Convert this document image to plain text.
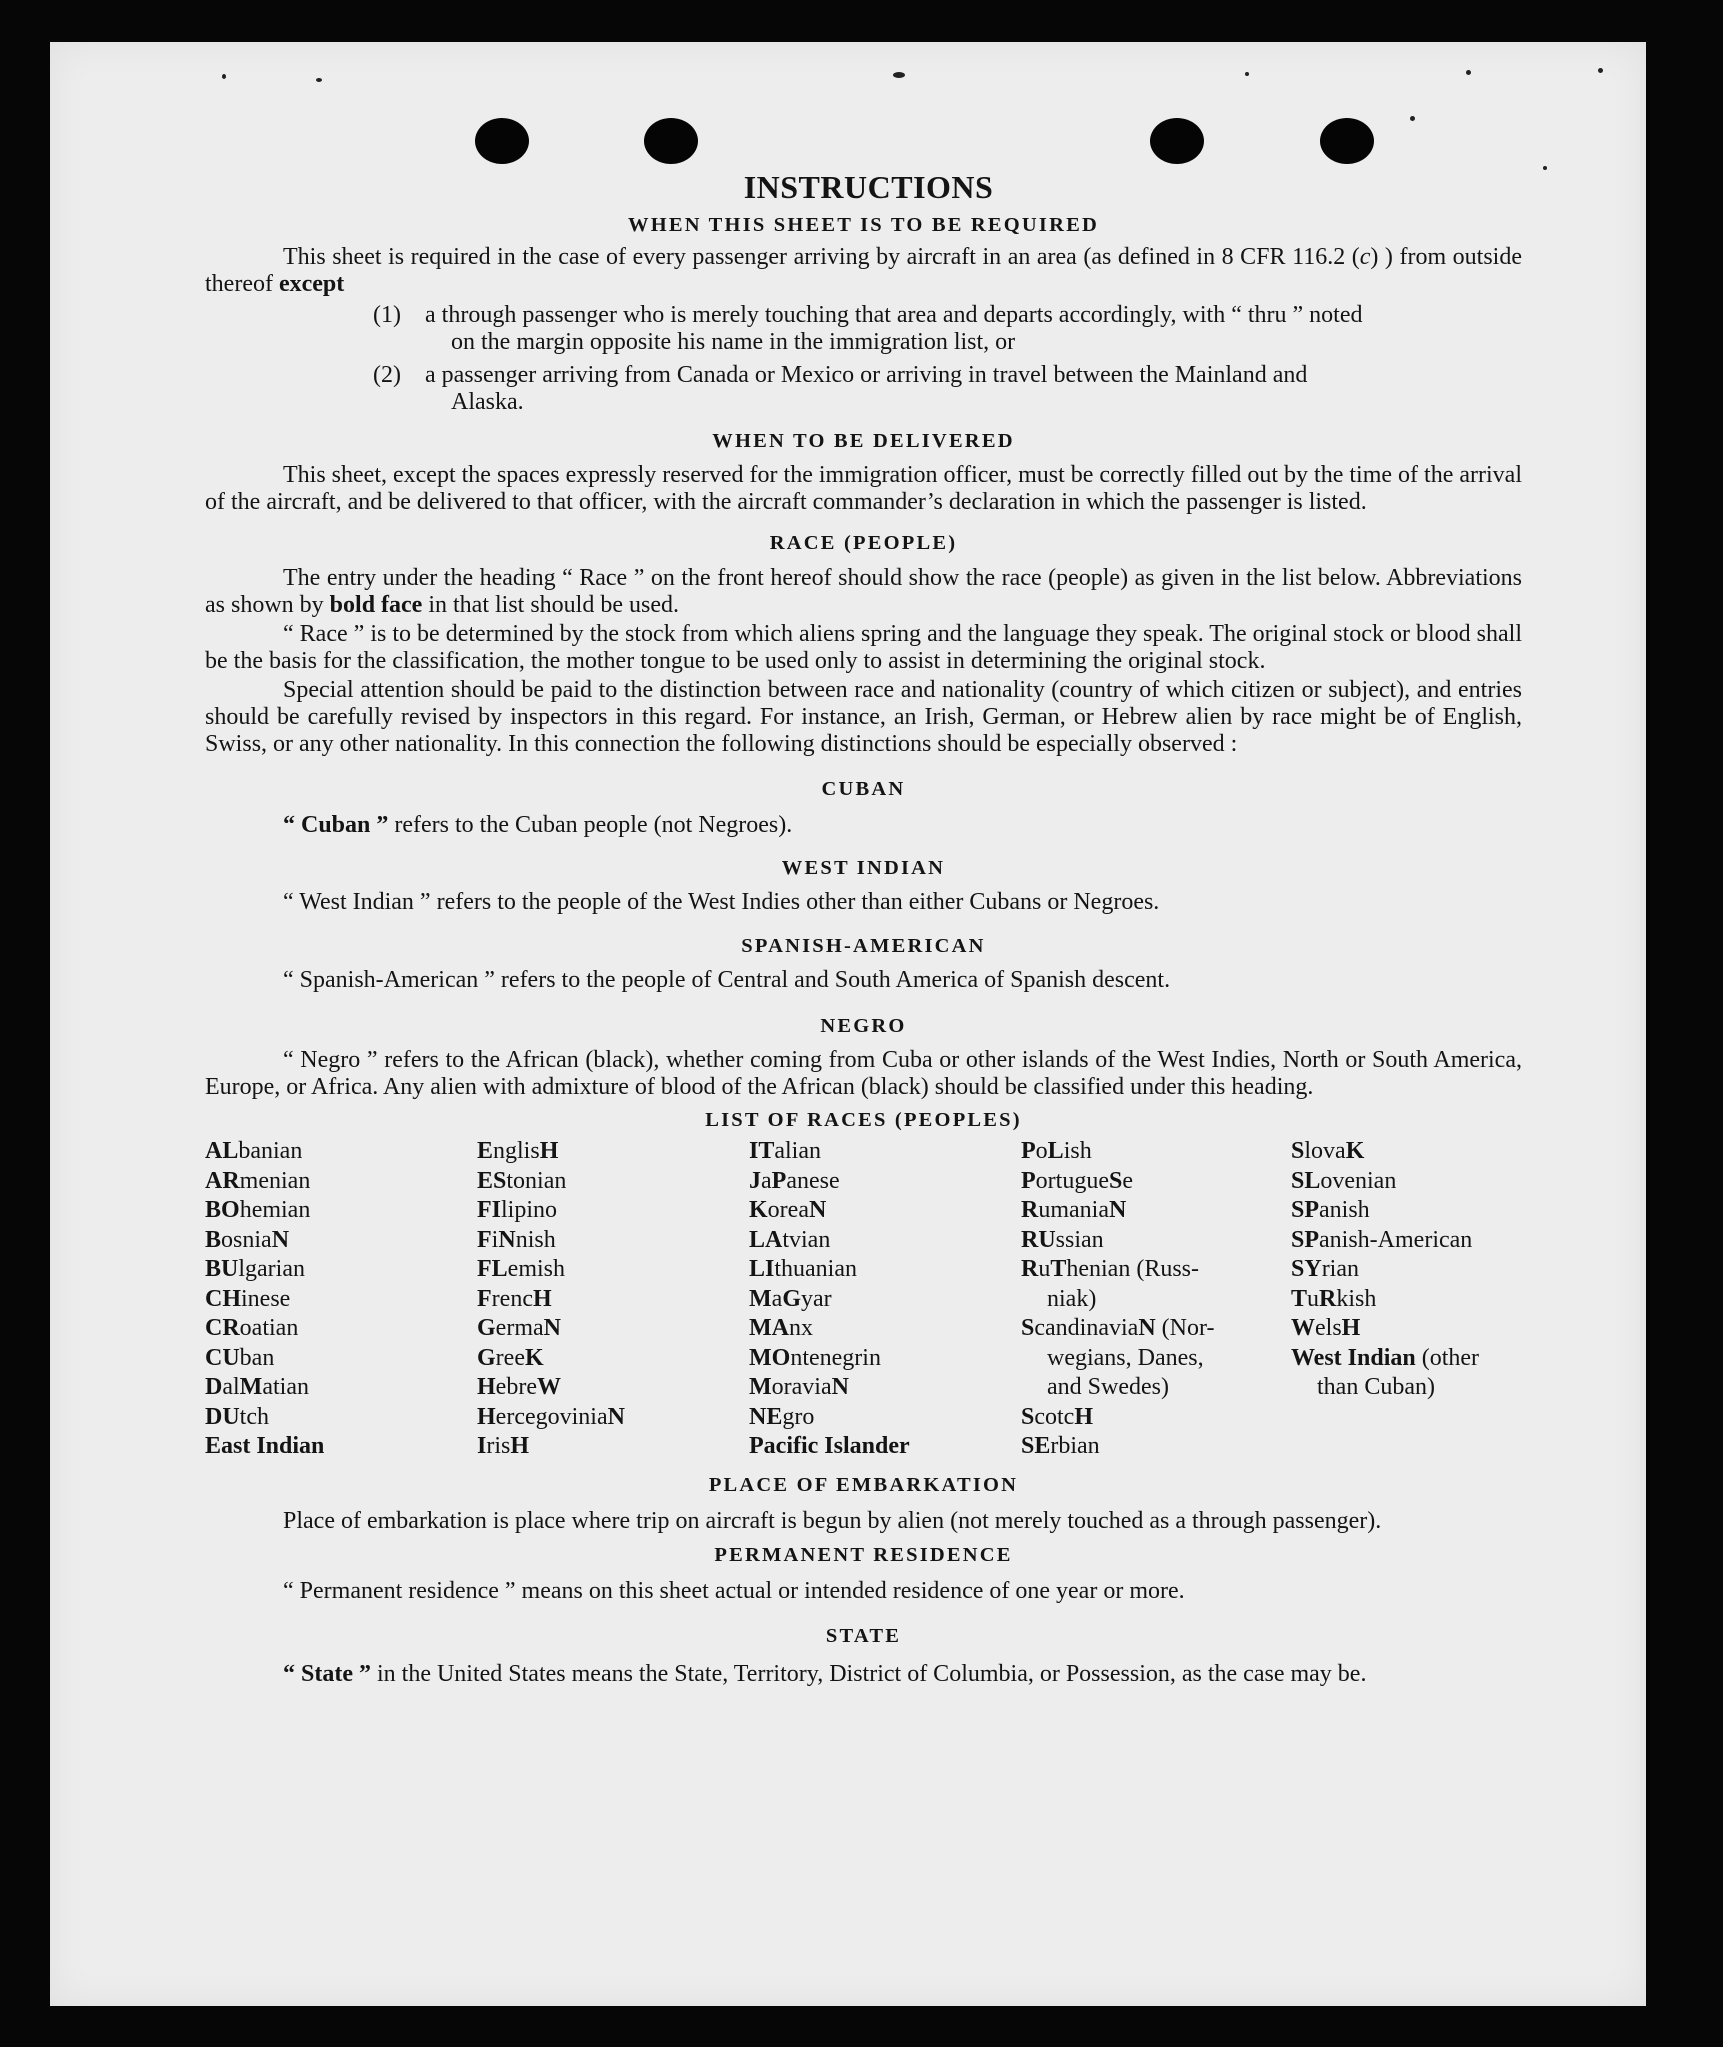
INSTRUCTIONS
WHEN THIS SHEET IS TO BE REQUIRED

This sheet is required in the case of every passenger arriving by aircraft in an area (as defined in 8 CFR 116.2 (c) ) from outside thereof except

(1)	a through passenger who is merely touching that area and departs accordingly, with “ thru ” noted
on the margin opposite his name in the immigration list, or
(2)	a passenger arriving from Canada or Mexico or arriving in travel between the Mainland and
Alaska.
WHEN TO BE DELIVERED

This sheet, except the spaces expressly reserved for the immigration officer, must be correctly filled out by the time of the arrival of the aircraft, and be delivered to that officer, with the aircraft commander’s declaration in which the passenger is listed.

RACE (PEOPLE)

The entry under the heading “ Race ” on the front hereof should show the race (people) as given in the list below. Abbreviations as shown by bold face in that list should be used.

“ Race ” is to be determined by the stock from which aliens spring and the language they speak. The original stock or blood shall be the basis for the classification, the mother tongue to be used only to assist in determining the original stock.

Special attention should be paid to the distinction between race and nationality (country of which citizen or subject), and entries should be carefully revised by inspectors in this regard. For instance, an Irish, German, or Hebrew alien by race might be of English, Swiss, or any other nationality. In this connection the following distinctions should be especially observed :

CUBAN

“ Cuban ” refers to the Cuban people (not Negroes).

WEST INDIAN

“ West Indian ” refers to the people of the West Indies other than either Cubans or Negroes.

SPANISH-AMERICAN

“ Spanish-American ” refers to the people of Central and South America of Spanish descent.

NEGRO

“ Negro ” refers to the African (black), whether coming from Cuba or other islands of the West Indies, North or South America, Europe, or Africa. Any alien with admixture of blood of the African (black) should be classified under this heading.

LIST OF RACES (PEOPLES)
ALbanian
ARmenian
BOhemian
BosniaN
BUlgarian
CHinese
CRoatian
CUban
DalMatian
DUtch
East Indian
EnglisH
EStonian
FIlipino
FiNnish
FLemish
FrencH
GermaN
GreeK
HebreW
HercegoviniaN
IrisH
ITalian
JaPanese
KoreaN
LAtvian
LIthuanian
MaGyar
MAnx
MOntenegrin
MoraviaN
NEgro
Pacific Islander
PoLish
PortugueSe
RumaniaN
RUssian
RuThenian (Russ-
niak)
ScandinaviaN (Nor-
wegians, Danes,
and Swedes)
ScotcH
SErbian
SlovaK
SLovenian
SPanish
SPanish-American
SYrian
TuRkish
WelsH
West Indian (other
than Cuban)
PLACE OF EMBARKATION

Place of embarkation is place where trip on aircraft is begun by alien (not merely touched as a through passenger).

PERMANENT RESIDENCE

“ Permanent residence ” means on this sheet actual or intended residence of one year or more.

STATE

“ State ” in the United States means the State, Territory, District of Columbia, or Possession, as the case may be.
